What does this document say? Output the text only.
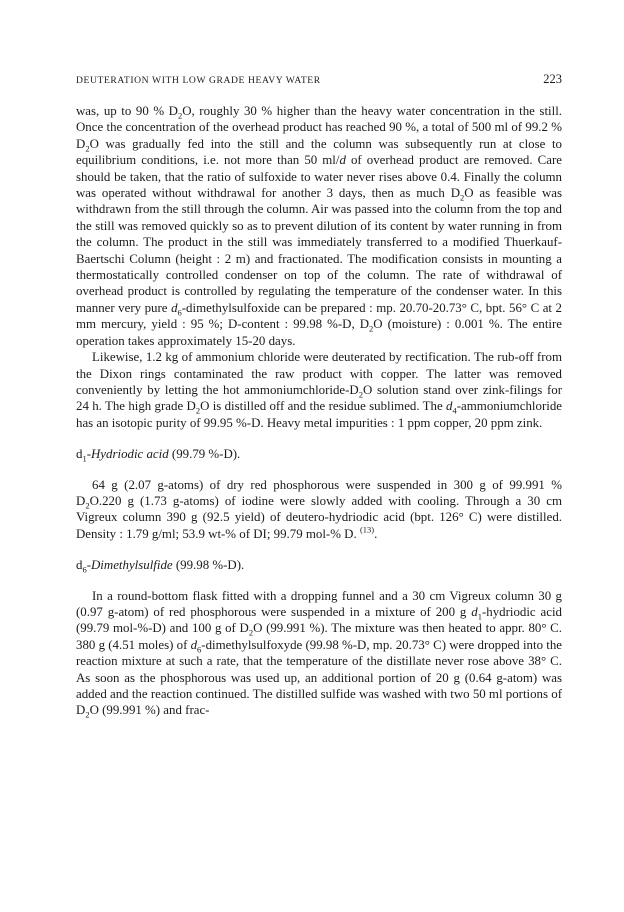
DEUTERATION WITH LOW GRADE HEAVY WATER	223

was, up to 90 % $D_2O$, roughly 30 % higher than the heavy water concentration in the still. Once the concentration of the overhead product has reached 90 %, a total of 500 ml of 99.2 % $D_2O$ was gradually fed into the still and the column was subsequently run at close to equilibrium conditions, i.e. not more than 50 ml/d of overhead product are removed. Care should be taken, that the ratio of sulfoxide to water never rises above 0.4. Finally the column was operated without withdrawal for another 3 days, then as much $D_2O$ as feasible was withdrawn from the still through the column. Air was passed into the column from the top and the still was removed quickly so as to prevent dilution of its content by water running in from the column. The product in the still was immediately transferred to a modified Thuerkauf-Baertschi Column (height : 2 m) and fractionated. The modification consists in mounting a thermostatically controlled condenser on top of the column. The rate of withdrawal of overhead product is controlled by regulating the temperature of the condenser water. In this manner very pure $d_6$-dimethylsulfoxide can be prepared : mp. 20.70-20.73° C, bpt. 56° C at 2 mm mercury, yield : 95 %; D-content : 99.98 %-D, $D_2O$ (moisture) : 0.001 %. The entire operation takes approximately 15-20 days.

Likewise, 1.2 kg of ammonium chloride were deuterated by rectification. The rub-off from the Dixon rings contaminated the raw product with copper. The latter was removed conveniently by letting the hot ammoniumchloride-$D_2O$ solution stand over zink-filings for 24 h. The high grade $D_2O$ is distilled off and the residue sublimed. The $d_4$-ammoniumchloride has an isotopic purity of 99.95 %-D. Heavy metal impurities : 1 ppm copper, 20 ppm zink.

$d_1$-Hydriodic acid (99.79 %-D).

64 g (2.07 g-atoms) of dry red phosphorous were suspended in 300 g of 99.991 % $D_2O.220$ g (1.73 g-atoms) of iodine were slowly added with cooling. Through a 30 cm Vigreux column 390 g (92.5 yield) of deutero-hydriodic acid (bpt. 126° C) were distilled. Density : 1.79 g/ml; 53.9 wt-% of DI; 99.79 mol-% D. $^{(13)}$.

$d_6$-Dimethylsulfide (99.98 %-D).

In a round-bottom flask fitted with a dropping funnel and a 30 cm Vigreux column 30 g (0.97 g-atom) of red phosphorous were suspended in a mixture of 200 g $d_1$-hydriodic acid (99.79 mol-%-D) and 100 g of $D_2O$ (99.991 %). The mixture was then heated to appr. 80° C. 380 g (4.51 moles) of $d_6$-dimethylsulfoxyde (99.98 %-D, mp. 20.73° C) were dropped into the reaction mixture at such a rate, that the temperature of the distillate never rose above 38° C. As soon as the phosphorous was used up, an additional portion of 20 g (0.64 g-atom) was added and the reaction continued. The distilled sulfide was washed with two 50 ml portions of $D_2O$ (99.991 %) and frac-
